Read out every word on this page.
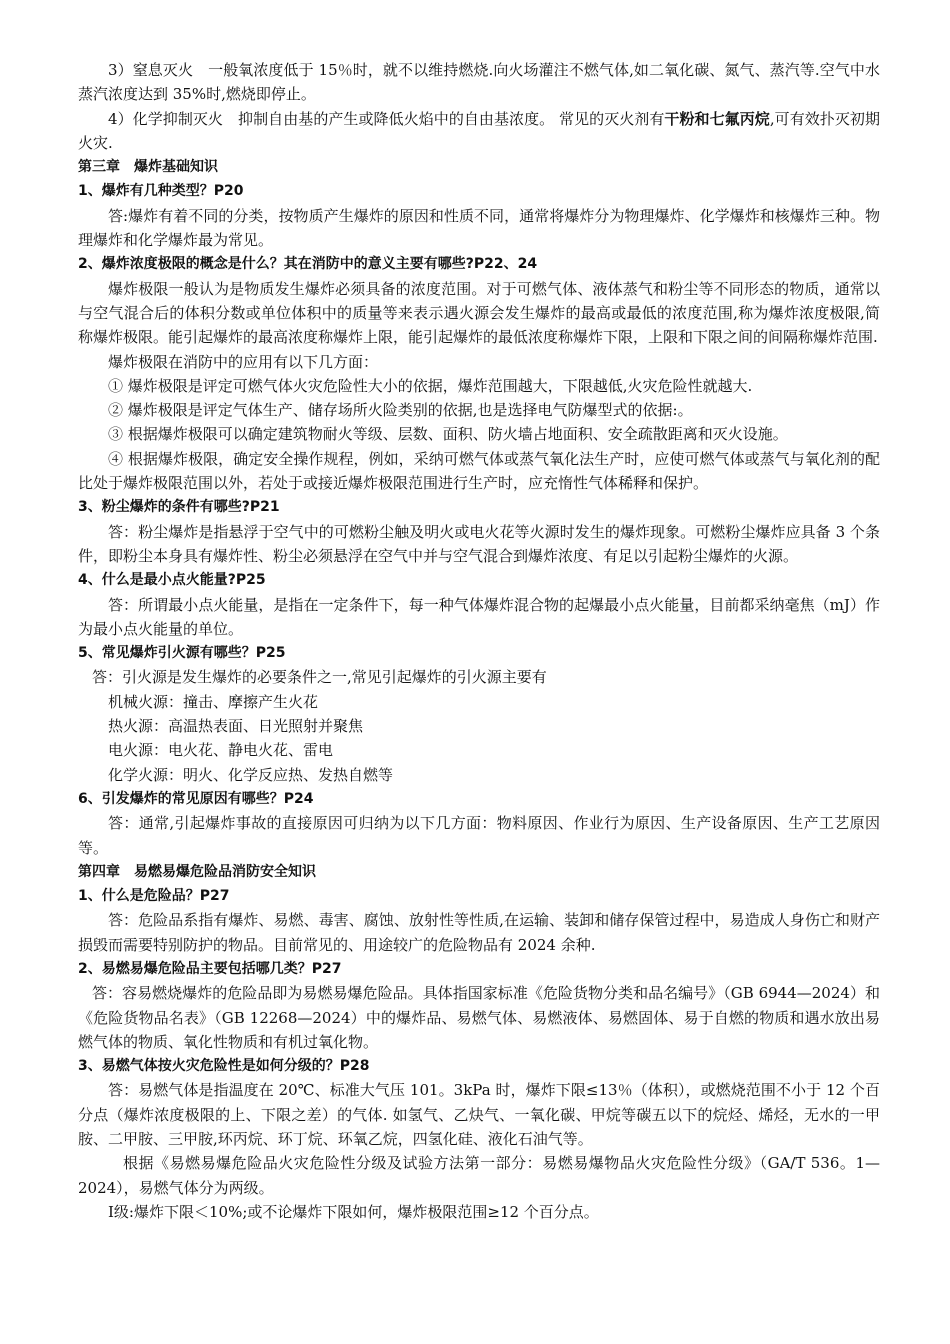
3）窒息灭火　一般氧浓度低于 15％时，就不以维持燃烧.向火场灌注不燃气体,如二氧化碳、氮气、蒸汽等.空气中水蒸汽浓度达到 35%时,燃烧即停止。

4）化学抑制灭火　抑制自由基的产生或降低火焰中的自由基浓度。 常见的灭火剂有干粉和七氟丙烷,可有效扑灭初期火灾.

第三章　爆炸基础知识

1、爆炸有几种类型？P20

答:爆炸有着不同的分类，按物质产生爆炸的原因和性质不同，通常将爆炸分为物理爆炸、化学爆炸和核爆炸三种。物理爆炸和化学爆炸最为常见。

2、爆炸浓度极限的概念是什么？其在消防中的意义主要有哪些?P22、24

爆炸极限一般认为是物质发生爆炸必须具备的浓度范围。对于可燃气体、液体蒸气和粉尘等不同形态的物质，通常以与空气混合后的体积分数或单位体积中的质量等来表示遇火源会发生爆炸的最高或最低的浓度范围,称为爆炸浓度极限,简称爆炸极限。能引起爆炸的最高浓度称爆炸上限，能引起爆炸的最低浓度称爆炸下限，上限和下限之间的间隔称爆炸范围.

爆炸极限在消防中的应用有以下几方面：

① 爆炸极限是评定可燃气体火灾危险性大小的依据，爆炸范围越大，下限越低,火灾危险性就越大.

② 爆炸极限是评定气体生产、储存场所火险类别的依据,也是选择电气防爆型式的依据:。

③ 根据爆炸极限可以确定建筑物耐火等级、层数、面积、防火墙占地面积、安全疏散距离和灭火设施。

④ 根据爆炸极限，确定安全操作规程，例如，采纳可燃气体或蒸气氧化法生产时，应使可燃气体或蒸气与氧化剂的配比处于爆炸极限范围以外，若处于或接近爆炸极限范围进行生产时，应充惰性气体稀释和保护。

3、粉尘爆炸的条件有哪些?P21

答：粉尘爆炸是指悬浮于空气中的可燃粉尘触及明火或电火花等火源时发生的爆炸现象。可燃粉尘爆炸应具备 3 个条件，即粉尘本身具有爆炸性、粉尘必须悬浮在空气中并与空气混合到爆炸浓度、有足以引起粉尘爆炸的火源。

4、什么是最小点火能量?P25

答：所谓最小点火能量，是指在一定条件下，每一种气体爆炸混合物的起爆最小点火能量，目前都采纳毫焦（mJ）作为最小点火能量的单位。

5、常见爆炸引火源有哪些？P25

答：引火源是发生爆炸的必要条件之一,常见引起爆炸的引火源主要有

机械火源：撞击、摩擦产生火花

热火源：高温热表面、日光照射并聚焦

电火源：电火花、静电火花、雷电

化学火源：明火、化学反应热、发热自燃等

6、引发爆炸的常见原因有哪些？P24

答：通常,引起爆炸事故的直接原因可归纳为以下几方面：物料原因、作业行为原因、生产设备原因、生产工艺原因等。

第四章　易燃易爆危险品消防安全知识

1、什么是危险品？P27

答：危险品系指有爆炸、易燃、毒害、腐蚀、放射性等性质,在运输、装卸和储存保管过程中，易造成人身伤亡和财产损毁而需要特别防护的物品。目前常见的、用途较广的危险物品有 2024 余种.

2、易燃易爆危险品主要包括哪几类？P27

答：容易燃烧爆炸的危险品即为易燃易爆危险品。具体指国家标准《危险货物分类和品名编号》（GB 6944—2024）和《危险货物品名表》（GB 12268—2024）中的爆炸品、易燃气体、易燃液体、易燃固体、易于自燃的物质和遇水放出易燃气体的物质、氧化性物质和有机过氧化物。

3、易燃气体按火灾危险性是如何分级的？P28

答：易燃气体是指温度在 20℃、标准大气压 101。3kPa 时，爆炸下限≤13％（体积），或燃烧范围不小于 12 个百分点（爆炸浓度极限的上、下限之差）的气体. 如氢气、乙炔气、一氧化碳、甲烷等碳五以下的烷烃、烯烃，无水的一甲胺、二甲胺、三甲胺,环丙烷、环丁烷、环氧乙烷，四氢化硅、液化石油气等。

根据《易燃易爆危险品火灾危险性分级及试验方法第一部分：易燃易爆物品火灾危险性分级》（GA/T 536。1—2024），易燃气体分为两级。

Ⅰ级:爆炸下限＜10%;或不论爆炸下限如何，爆炸极限范围≥12 个百分点。
